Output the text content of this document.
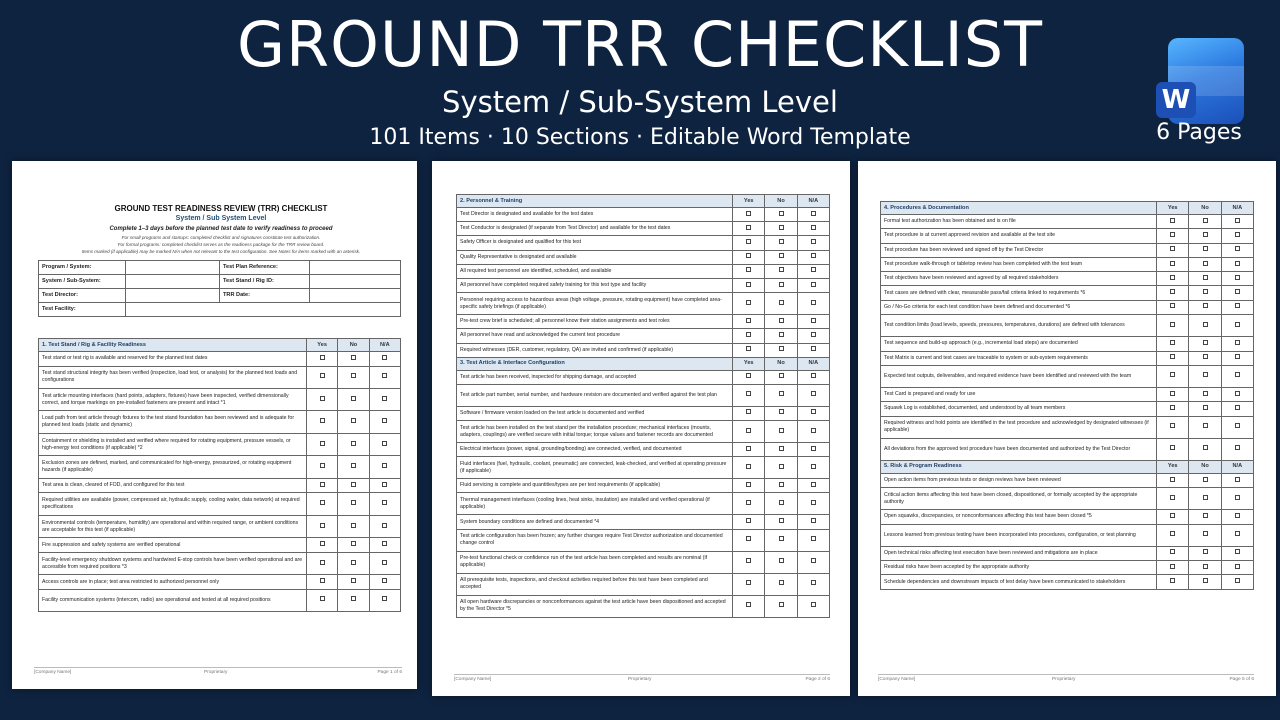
GROUND TRR CHECKLIST
System / Sub-System Level
101 Items · 10 Sections · Editable Word Template
W
6 Pages
GROUND TEST READINESS REVIEW (TRR) CHECKLIST
System / Sub System Level
Complete 1–3 days before the planned test date to verify readiness to proceed
For small programs and startups: completed checklist and signatures constitute test authorization.
For formal programs: completed checklist serves as the readiness package for the TRR review board.
Items marked (if applicable) may be marked N/A when not relevant to the test configuration. See Notes for items marked with an asterisk.
Program / System:		Test Plan Reference:	
System / Sub-System:		Test Stand / Rig ID:	
Test Director:		TRR Date:	
Test Facility:			
1. Test Stand / Rig & Facility Readiness	Yes	No	N/A
Test stand or test rig is available and reserved for the planned test dates			
Test stand structural integrity has been verified (inspection, load test, or analysis) for the planned test loads and configurations			
Test article mounting interfaces (hard points, adapters, fixtures) have been inspected, verified dimensionally correct, and torque markings on pre-installed fasteners are present and intact *1			
Load path from test article through fixtures to the test stand foundation has been reviewed and is adequate for planned test loads (static and dynamic)			
Containment or shielding is installed and verified where required for rotating equipment, pressure vessels, or high-energy test conditions (if applicable) *2			
Exclusion zones are defined, marked, and communicated for high-energy, pressurized, or rotating equipment hazards (if applicable)			
Test area is clean, cleared of FOD, and configured for this test			
Required utilities are available (power, compressed air, hydraulic supply, cooling water, data network) at required specifications			
Environmental controls (temperature, humidity) are operational and within required range, or ambient conditions are acceptable for this test (if applicable)			
Fire suppression and safety systems are verified operational			
Facility-level emergency shutdown systems and hardwired E-stop controls have been verified operational and are accessible from required positions *3			
Access controls are in place; test area restricted to authorized personnel only			
Facility communication systems (intercom, radio) are operational and tested at all required positions			
[Company Name]	Proprietary	Page 1 of 6
2. Personnel & Training	Yes	No	N/A
Test Director is designated and available for the test dates			
Test Conductor is designated (if separate from Test Director) and available for the test dates			
Safety Officer is designated and qualified for this test			
Quality Representative is designated and available			
All required test personnel are identified, scheduled, and available			
All personnel have completed required safety training for this test type and facility			
Personnel requiring access to hazardous areas (high voltage, pressure, rotating equipment) have completed area-specific safety briefings (if applicable)			
Pre-test crew brief is scheduled; all personnel know their station assignments and test roles			
All personnel have read and acknowledged the current test procedure			
Required witnesses (DER, customer, regulatory, QA) are invited and confirmed (if applicable)			
3. Test Article & Interface Configuration	Yes	No	N/A
Test article has been received, inspected for shipping damage, and accepted			
Test article part number, serial number, and hardware revision are documented and verified against the test plan			
Software / firmware version loaded on the test article is documented and verified			
Test article has been installed on the test stand per the installation procedure; mechanical interfaces (mounts, adapters, couplings) are verified secure with initial torque; torque values and fastener records are documented			
Electrical interfaces (power, signal, grounding/bonding) are connected, verified, and documented			
Fluid interfaces (fuel, hydraulic, coolant, pneumatic) are connected, leak-checked, and verified at operating pressure (if applicable)			
Fluid servicing is complete and quantities/types are per test requirements (if applicable)			
Thermal management interfaces (cooling lines, heat sinks, insulation) are installed and verified operational (if applicable)			
System boundary conditions are defined and documented *4			
Test article configuration has been frozen; any further changes require Test Director authorization and documented change control			
Pre-test functional check or confidence run of the test article has been completed and results are nominal (if applicable)			
All prerequisite tests, inspections, and checkout activities required before this test have been completed and accepted			
All open hardware discrepancies or nonconformances against the test article have been dispositioned and accepted by the Test Director *5			
[Company Name]	Proprietary	Page 2 of 6
4. Procedures & Documentation	Yes	No	N/A
Formal test authorization has been obtained and is on file			
Test procedure is at current approved revision and available at the test site			
Test procedure has been reviewed and signed off by the Test Director			
Test procedure walk-through or tabletop review has been completed with the test team			
Test objectives have been reviewed and agreed by all required stakeholders			
Test cases are defined with clear, measurable pass/fail criteria linked to requirements *6			
Go / No-Go criteria for each test condition have been defined and documented *6			
Test condition limits (load levels, speeds, pressures, temperatures, durations) are defined with tolerances			
Test sequence and build-up approach (e.g., incremental load steps) are documented			
Test Matrix is current and test cases are traceable to system or sub-system requirements			
Expected test outputs, deliverables, and required evidence have been identified and reviewed with the team			
Test Card is prepared and ready for use			
Squawk Log is established, documented, and understood by all team members			
Required witness and hold points are identified in the test procedure and acknowledged by designated witnesses (if applicable)			
All deviations from the approved test procedure have been documented and authorized by the Test Director			
5. Risk & Program Readiness	Yes	No	N/A
Open action items from previous tests or design reviews have been reviewed			
Critical action items affecting this test have been closed, dispositioned, or formally accepted by the appropriate authority			
Open squawks, discrepancies, or nonconformances affecting this test have been closed *5			
Lessons learned from previous testing have been incorporated into procedures, configuration, or test planning			
Open technical risks affecting test execution have been reviewed and mitigations are in place			
Residual risks have been accepted by the appropriate authority			
Schedule dependencies and downstream impacts of test delay have been communicated to stakeholders			
[Company Name]	Proprietary	Page 5 of 6
